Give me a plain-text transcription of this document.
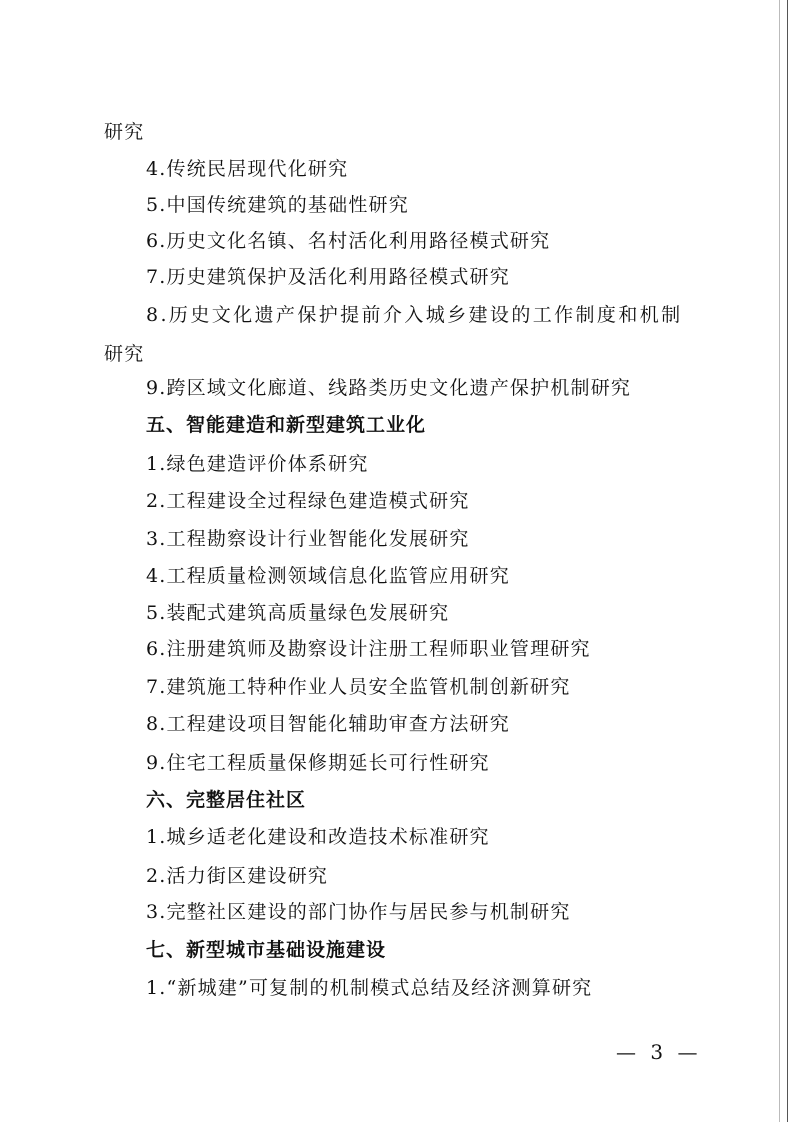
研究
4.传统民居现代化研究
5.中国传统建筑的基础性研究
6.历史文化名镇、名村活化利用路径模式研究
7.历史建筑保护及活化利用路径模式研究
8.历史文化遗产保护提前介入城乡建设的工作制度和机制
研究
9.跨区域文化廊道、线路类历史文化遗产保护机制研究
五、智能建造和新型建筑工业化
1.绿色建造评价体系研究
2.工程建设全过程绿色建造模式研究
3.工程勘察设计行业智能化发展研究
4.工程质量检测领域信息化监管应用研究
5.装配式建筑高质量绿色发展研究
6.注册建筑师及勘察设计注册工程师职业管理研究
7.建筑施工特种作业人员安全监管机制创新研究
8.工程建设项目智能化辅助审查方法研究
9.住宅工程质量保修期延长可行性研究
六、完整居住社区
1.城乡适老化建设和改造技术标准研究
2.活力街区建设研究
3.完整社区建设的部门协作与居民参与机制研究
七、新型城市基础设施建设
1.“新城建”可复制的机制模式总结及经济测算研究
— 3 —
